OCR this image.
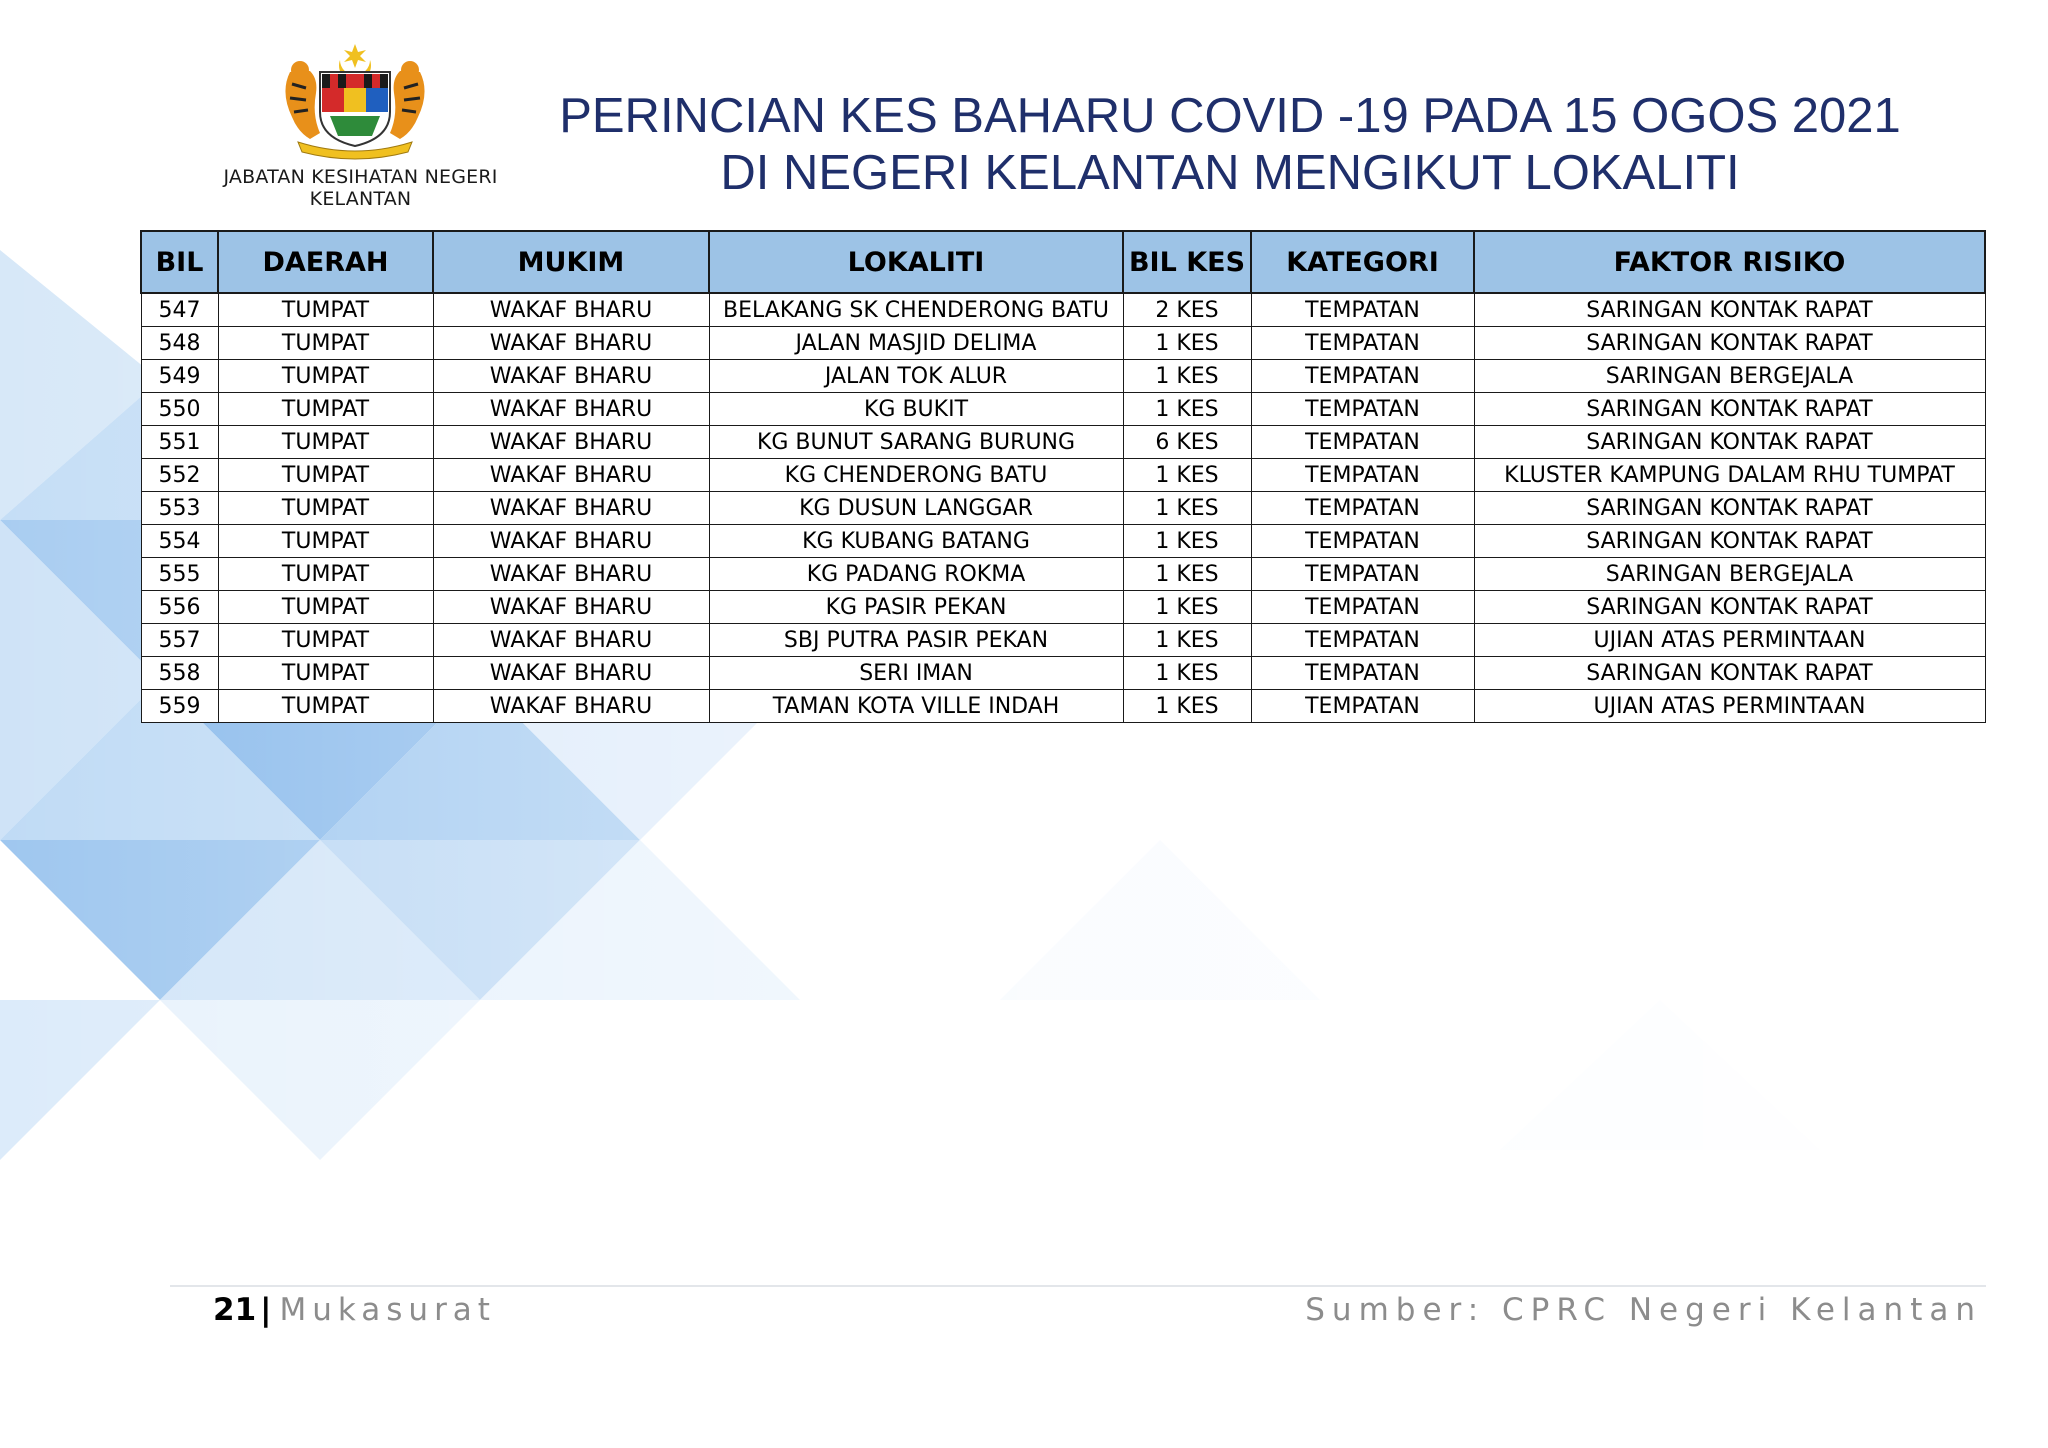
JABATAN KESIHATAN NEGERI KELANTAN
PERINCIAN KES BAHARU COVID -19 PADA 15 OGOS 2021
DI NEGERI KELANTAN MENGIKUT LOKALITI
BIL	DAERAH	MUKIM	LOKALITI	BIL KES	KATEGORI	FAKTOR RISIKO
547	TUMPAT	WAKAF BHARU	BELAKANG SK CHENDERONG BATU	2 KES	TEMPATAN	SARINGAN KONTAK RAPAT
548	TUMPAT	WAKAF BHARU	JALAN MASJID DELIMA	1 KES	TEMPATAN	SARINGAN KONTAK RAPAT
549	TUMPAT	WAKAF BHARU	JALAN TOK ALUR	1 KES	TEMPATAN	SARINGAN BERGEJALA
550	TUMPAT	WAKAF BHARU	KG BUKIT	1 KES	TEMPATAN	SARINGAN KONTAK RAPAT
551	TUMPAT	WAKAF BHARU	KG BUNUT SARANG BURUNG	6 KES	TEMPATAN	SARINGAN KONTAK RAPAT
552	TUMPAT	WAKAF BHARU	KG CHENDERONG BATU	1 KES	TEMPATAN	KLUSTER KAMPUNG DALAM RHU TUMPAT
553	TUMPAT	WAKAF BHARU	KG DUSUN LANGGAR	1 KES	TEMPATAN	SARINGAN KONTAK RAPAT
554	TUMPAT	WAKAF BHARU	KG KUBANG BATANG	1 KES	TEMPATAN	SARINGAN KONTAK RAPAT
555	TUMPAT	WAKAF BHARU	KG PADANG ROKMA	1 KES	TEMPATAN	SARINGAN BERGEJALA
556	TUMPAT	WAKAF BHARU	KG PASIR PEKAN	1 KES	TEMPATAN	SARINGAN KONTAK RAPAT
557	TUMPAT	WAKAF BHARU	SBJ PUTRA PASIR PEKAN	1 KES	TEMPATAN	UJIAN ATAS PERMINTAAN
558	TUMPAT	WAKAF BHARU	SERI IMAN	1 KES	TEMPATAN	SARINGAN KONTAK RAPAT
559	TUMPAT	WAKAF BHARU	TAMAN KOTA VILLE INDAH	1 KES	TEMPATAN	UJIAN ATAS PERMINTAAN
21 | Mukasurat	Sumber: CPRC Negeri Kelantan
